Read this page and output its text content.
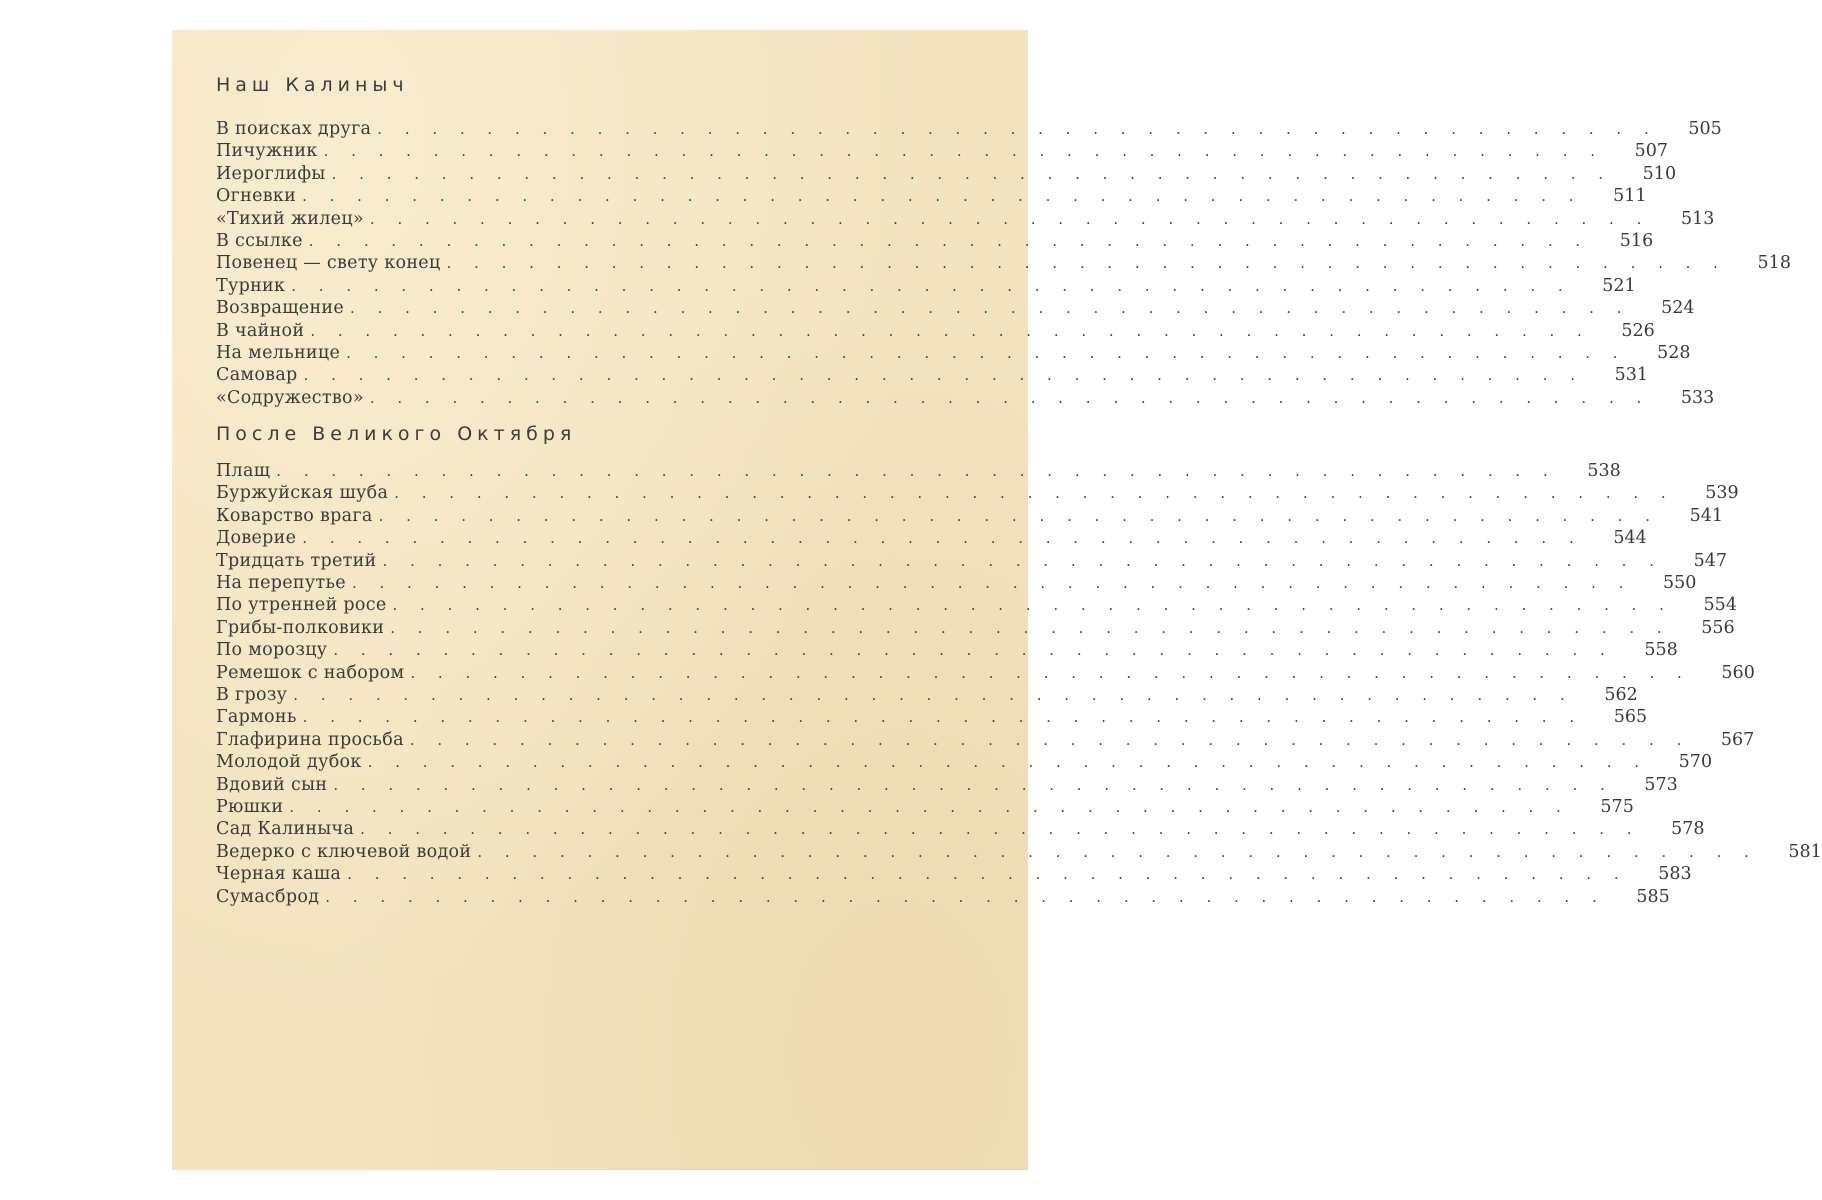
Наш Калиныч
В поисках друга . . . . . . . . . . . . . . . . . . . . . . . . . . . . . . . . . . . . . . . . . . . . . . .	505
Пичужник . . . . . . . . . . . . . . . . . . . . . . . . . . . . . . . . . . . . . . . . . . . . . . .	507
Иероглифы . . . . . . . . . . . . . . . . . . . . . . . . . . . . . . . . . . . . . . . . . . . . . . .	510
Огневки . . . . . . . . . . . . . . . . . . . . . . . . . . . . . . . . . . . . . . . . . . . . . . .	511
«Тихий жилец» . . . . . . . . . . . . . . . . . . . . . . . . . . . . . . . . . . . . . . . . . . . . . . .	513
В ссылке . . . . . . . . . . . . . . . . . . . . . . . . . . . . . . . . . . . . . . . . . . . . . . .	516
Повенец — свету конец . . . . . . . . . . . . . . . . . . . . . . . . . . . . . . . . . . . . . . . . . . . . . . .	518
Турник . . . . . . . . . . . . . . . . . . . . . . . . . . . . . . . . . . . . . . . . . . . . . . .	521
Возвращение . . . . . . . . . . . . . . . . . . . . . . . . . . . . . . . . . . . . . . . . . . . . . . .	524
В чайной . . . . . . . . . . . . . . . . . . . . . . . . . . . . . . . . . . . . . . . . . . . . . . .	526
На мельнице . . . . . . . . . . . . . . . . . . . . . . . . . . . . . . . . . . . . . . . . . . . . . . .	528
Самовар . . . . . . . . . . . . . . . . . . . . . . . . . . . . . . . . . . . . . . . . . . . . . . .	531
«Содружество» . . . . . . . . . . . . . . . . . . . . . . . . . . . . . . . . . . . . . . . . . . . . . . .	533
После Великого Октября
Плащ . . . . . . . . . . . . . . . . . . . . . . . . . . . . . . . . . . . . . . . . . . . . . . .	538
Буржуйская шуба . . . . . . . . . . . . . . . . . . . . . . . . . . . . . . . . . . . . . . . . . . . . . . .	539
Коварство врага . . . . . . . . . . . . . . . . . . . . . . . . . . . . . . . . . . . . . . . . . . . . . . .	541
Доверие . . . . . . . . . . . . . . . . . . . . . . . . . . . . . . . . . . . . . . . . . . . . . . .	544
Тридцать третий . . . . . . . . . . . . . . . . . . . . . . . . . . . . . . . . . . . . . . . . . . . . . . .	547
На перепутье . . . . . . . . . . . . . . . . . . . . . . . . . . . . . . . . . . . . . . . . . . . . . . .	550
По утренней росе . . . . . . . . . . . . . . . . . . . . . . . . . . . . . . . . . . . . . . . . . . . . . . .	554
Грибы-полковики . . . . . . . . . . . . . . . . . . . . . . . . . . . . . . . . . . . . . . . . . . . . . . .	556
По морозцу . . . . . . . . . . . . . . . . . . . . . . . . . . . . . . . . . . . . . . . . . . . . . . .	558
Ремешок с набором . . . . . . . . . . . . . . . . . . . . . . . . . . . . . . . . . . . . . . . . . . . . . . .	560
В грозу . . . . . . . . . . . . . . . . . . . . . . . . . . . . . . . . . . . . . . . . . . . . . . .	562
Гармонь . . . . . . . . . . . . . . . . . . . . . . . . . . . . . . . . . . . . . . . . . . . . . . .	565
Глафирина просьба . . . . . . . . . . . . . . . . . . . . . . . . . . . . . . . . . . . . . . . . . . . . . . .	567
Молодой дубок . . . . . . . . . . . . . . . . . . . . . . . . . . . . . . . . . . . . . . . . . . . . . . .	570
Вдовий сын . . . . . . . . . . . . . . . . . . . . . . . . . . . . . . . . . . . . . . . . . . . . . . .	573
Рюшки . . . . . . . . . . . . . . . . . . . . . . . . . . . . . . . . . . . . . . . . . . . . . . .	575
Сад Калиныча . . . . . . . . . . . . . . . . . . . . . . . . . . . . . . . . . . . . . . . . . . . . . . .	578
Ведерко с ключевой водой . . . . . . . . . . . . . . . . . . . . . . . . . . . . . . . . . . . . . . . . . . . . . . .	581
Черная каша . . . . . . . . . . . . . . . . . . . . . . . . . . . . . . . . . . . . . . . . . . . . . . .	583
Сумасброд . . . . . . . . . . . . . . . . . . . . . . . . . . . . . . . . . . . . . . . . . . . . . . .	585
